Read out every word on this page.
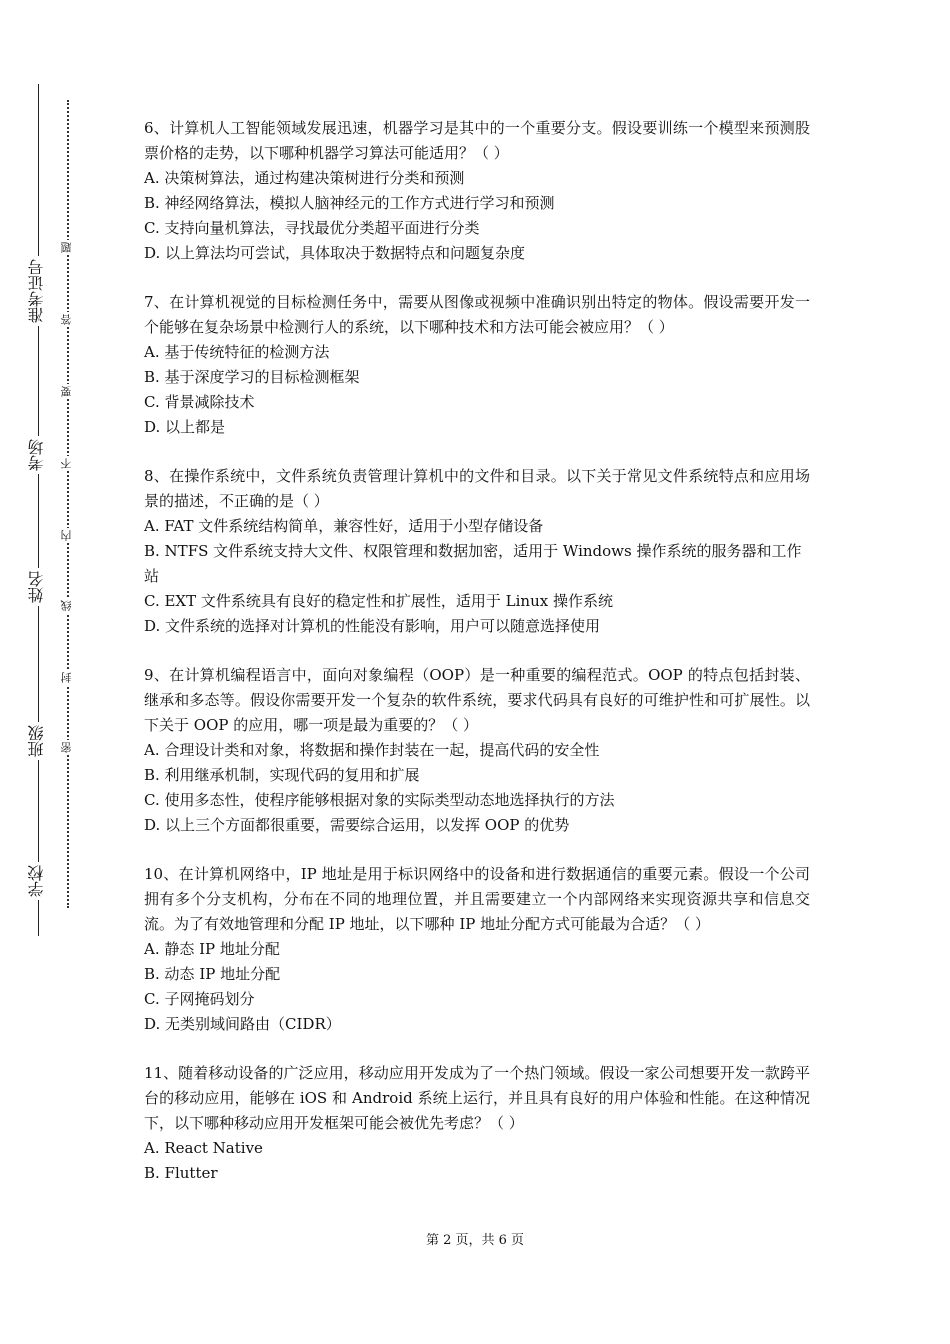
学校
班级
姓名
考场
准考证号
密
封
线
内
不
要
答
题
6、计算机人工智能领域发展迅速，机器学习是其中的一个重要分支。假设要训练一个模型来预测股票价格的走势，以下哪种机器学习算法可能适用？（ ）
A. 决策树算法，通过构建决策树进行分类和预测
B. 神经网络算法，模拟人脑神经元的工作方式进行学习和预测
C. 支持向量机算法，寻找最优分类超平面进行分类
D. 以上算法均可尝试，具体取决于数据特点和问题复杂度
7、在计算机视觉的目标检测任务中，需要从图像或视频中准确识别出特定的物体。假设需要开发一个能够在复杂场景中检测行人的系统，以下哪种技术和方法可能会被应用？（ ）
A. 基于传统特征的检测方法
B. 基于深度学习的目标检测框架
C. 背景减除技术
D. 以上都是
8、在操作系统中，文件系统负责管理计算机中的文件和目录。以下关于常见文件系统特点和应用场景的描述，不正确的是（ ）
A. FAT 文件系统结构简单，兼容性好，适用于小型存储设备
B. NTFS 文件系统支持大文件、权限管理和数据加密，适用于 Windows 操作系统的服务器和工作站
C. EXT 文件系统具有良好的稳定性和扩展性，适用于 Linux 操作系统
D. 文件系统的选择对计算机的性能没有影响，用户可以随意选择使用
9、在计算机编程语言中，面向对象编程（OOP）是一种重要的编程范式。OOP 的特点包括封装、继承和多态等。假设你需要开发一个复杂的软件系统，要求代码具有良好的可维护性和可扩展性。以下关于 OOP 的应用，哪一项是最为重要的？（ ）
A. 合理设计类和对象，将数据和操作封装在一起，提高代码的安全性
B. 利用继承机制，实现代码的复用和扩展
C. 使用多态性，使程序能够根据对象的实际类型动态地选择执行的方法
D. 以上三个方面都很重要，需要综合运用，以发挥 OOP 的优势
10、在计算机网络中，IP 地址是用于标识网络中的设备和进行数据通信的重要元素。假设一个公司拥有多个分支机构，分布在不同的地理位置，并且需要建立一个内部网络来实现资源共享和信息交流。为了有效地管理和分配 IP 地址，以下哪种 IP 地址分配方式可能最为合适？（ ）
A. 静态 IP 地址分配
B. 动态 IP 地址分配
C. 子网掩码划分
D. 无类别域间路由（CIDR）
11、随着移动设备的广泛应用，移动应用开发成为了一个热门领域。假设一家公司想要开发一款跨平台的移动应用，能够在 iOS 和 Android 系统上运行，并且具有良好的用户体验和性能。在这种情况下，以下哪种移动应用开发框架可能会被优先考虑？（ ）
A. React Native
B. Flutter
第 2 页，共 6 页
